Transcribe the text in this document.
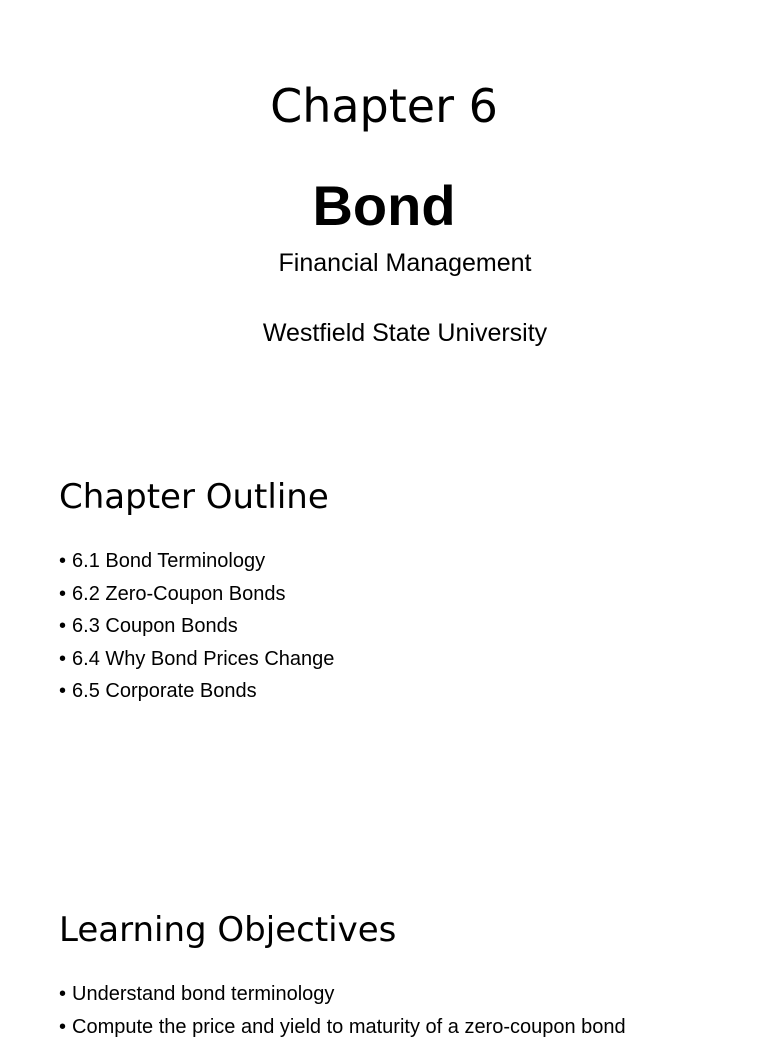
Chapter 6
Bond

Financial Management

Westfield State University

Chapter Outline
• 6.1 Bond Terminology
• 6.2 Zero-Coupon Bonds
• 6.3 Coupon Bonds
• 6.4 Why Bond Prices Change
• 6.5 Corporate Bonds
Learning Objectives
• Understand bond terminology
• Compute the price and yield to maturity of a zero-coupon bond
